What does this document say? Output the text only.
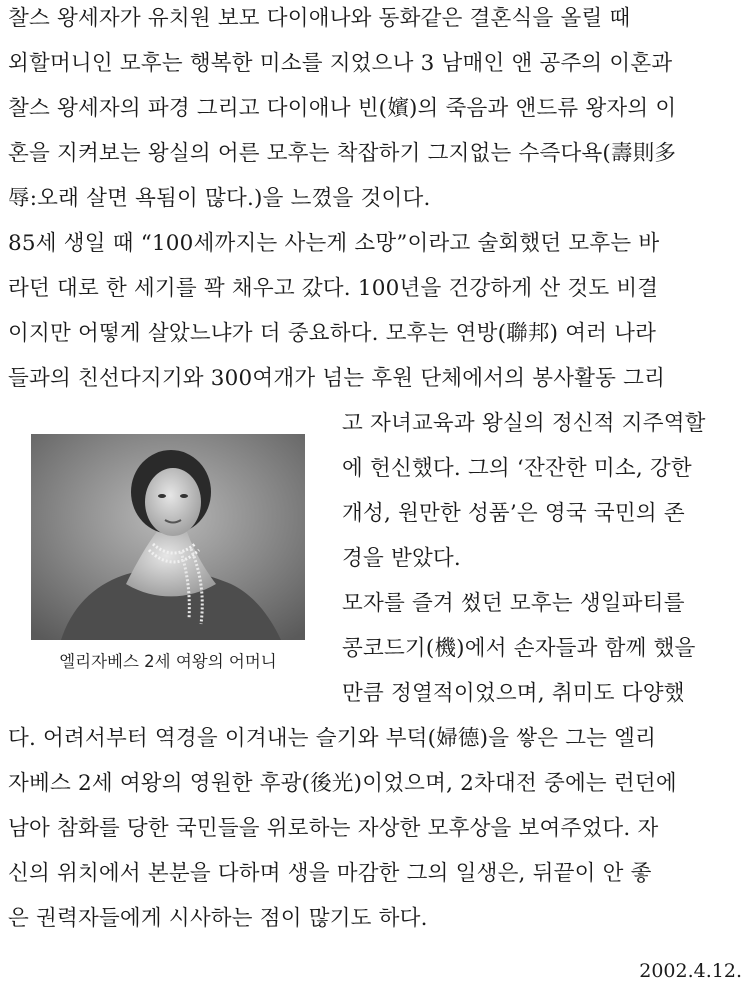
찰스 왕세자가 유치원 보모 다이애나와 동화같은 결혼식을 올릴 때
외할머니인 모후는 행복한 미소를 지었으나 3 남매인 앤 공주의 이혼과
찰스 왕세자의 파경 그리고 다이애나 빈(嬪)의 죽음과 앤드류 왕자의 이
혼을 지켜보는 왕실의 어른 모후는 착잡하기 그지없는 수즉다욕(壽則多
辱:오래 살면 욕됨이 많다.)을 느꼈을 것이다.
85세 생일 때 “100세까지는 사는게 소망”이라고 술회했던 모후는 바
라던 대로 한 세기를 꽉 채우고 갔다. 100년을 건강하게 산 것도 비결
이지만 어떻게 살았느냐가 더 중요하다. 모후는 연방(聯邦) 여러 나라
들과의 친선다지기와 300여개가 넘는 후원 단체에서의 봉사활동 그리
고 자녀교육과 왕실의 정신적 지주역할
에 헌신했다. 그의 ‘잔잔한 미소, 강한
개성, 원만한 성품’은 영국 국민의 존
경을 받았다.
모자를 즐겨 썼던 모후는 생일파티를
콩코드기(機)에서 손자들과 함께 했을
만큼 정열적이었으며, 취미도 다양했
다. 어려서부터 역경을 이겨내는 슬기와 부덕(婦德)을 쌓은 그는 엘리
자베스 2세 여왕의 영원한 후광(後光)이었으며, 2차대전 중에는 런던에
남아 참화를 당한 국민들을 위로하는 자상한 모후상을 보여주었다. 자
신의 위치에서 본분을 다하며 생을 마감한 그의 일생은, 뒤끝이 안 좋
은 권력자들에게 시사하는 점이 많기도 하다.
엘리자베스 2세 여왕의 어머니
2002.4.12.
